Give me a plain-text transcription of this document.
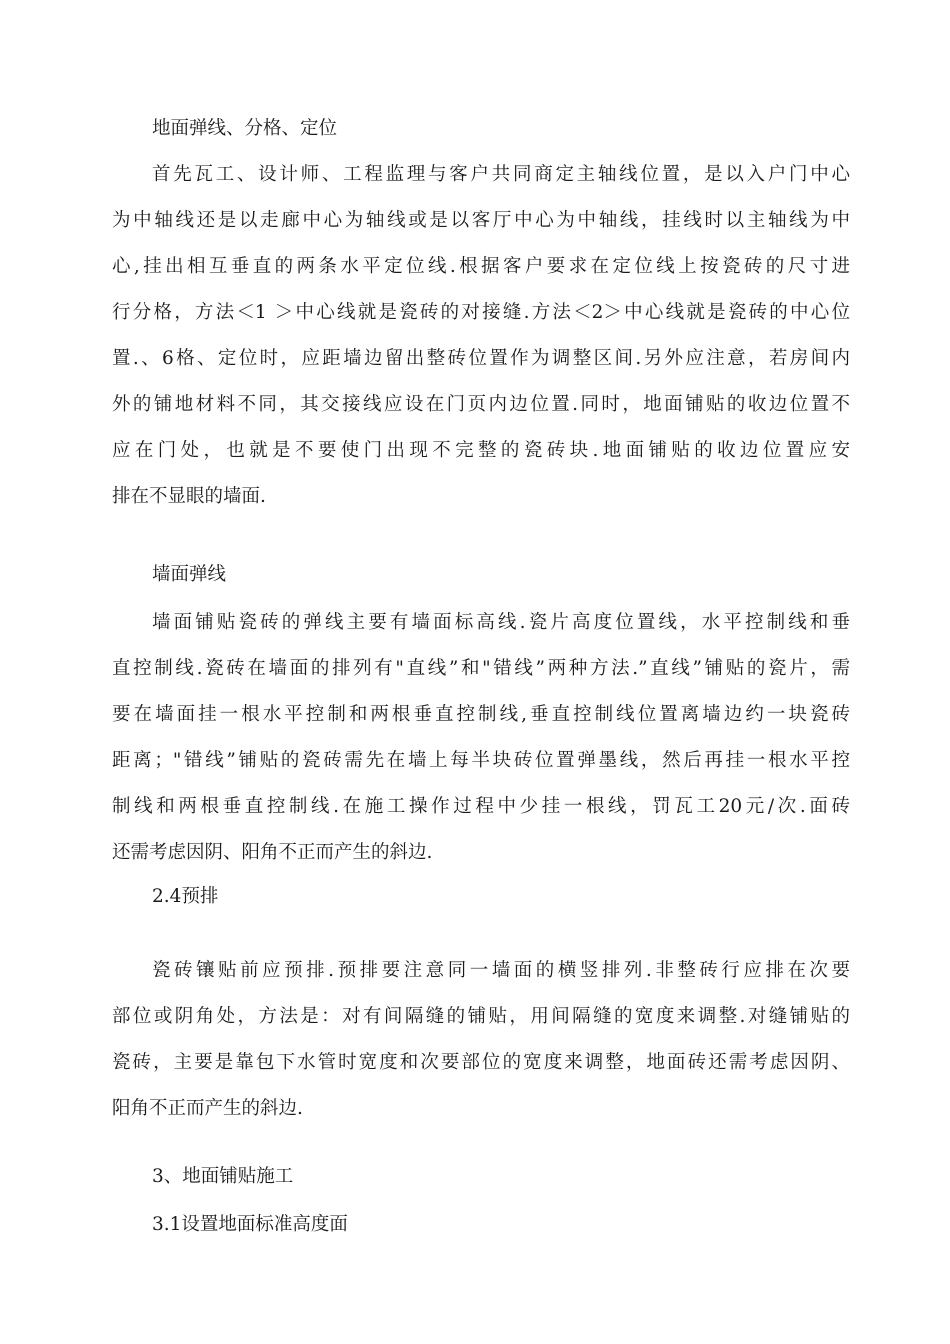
地面弹线、分格、定位
首先瓦工、设计师、工程监理与客户共同商定主轴线位置，是以入户门中心
为中轴线还是以走廊中心为轴线或是以客厅中心为中轴线，挂线时以主轴线为中
心,挂出相互垂直的两条水平定位线.根据客户要求在定位线上按瓷砖的尺寸进
行分格，方法＜1 ＞中心线就是瓷砖的对接缝.方法＜2＞中心线就是瓷砖的中心位
置.、6格、定位时，应距墙边留出整砖位置作为调整区间.另外应注意，若房间内
外的铺地材料不同，其交接线应设在门页内边位置.同时，地面铺贴的收边位置不
应在门处，也就是不要使门出现不完整的瓷砖块.地面铺贴的收边位置应安
排在不显眼的墙面.
墙面弹线
墙面铺贴瓷砖的弹线主要有墙面标高线.瓷片高度位置线，水平控制线和垂
直控制线.瓷砖在墙面的排列有"直线”和"错线”两种方法.”直线”铺贴的瓷片，需
要在墙面挂一根水平控制和两根垂直控制线,垂直控制线位置离墙边约一块瓷砖
距离；"错线”铺贴的瓷砖需先在墙上每半块砖位置弹墨线，然后再挂一根水平控
制线和两根垂直控制线.在施工操作过程中少挂一根线，罚瓦工20元/次.面砖
还需考虑因阴、阳角不正而产生的斜边.
2.4预排
瓷砖镶贴前应预排.预排要注意同一墙面的横竖排列.非整砖行应排在次要
部位或阴角处，方法是：对有间隔缝的铺贴，用间隔缝的宽度来调整.对缝铺贴的
瓷砖，主要是靠包下水管时宽度和次要部位的宽度来调整，地面砖还需考虑因阴、
阳角不正而产生的斜边.
3、地面铺贴施工
3.1设置地面标准高度面
